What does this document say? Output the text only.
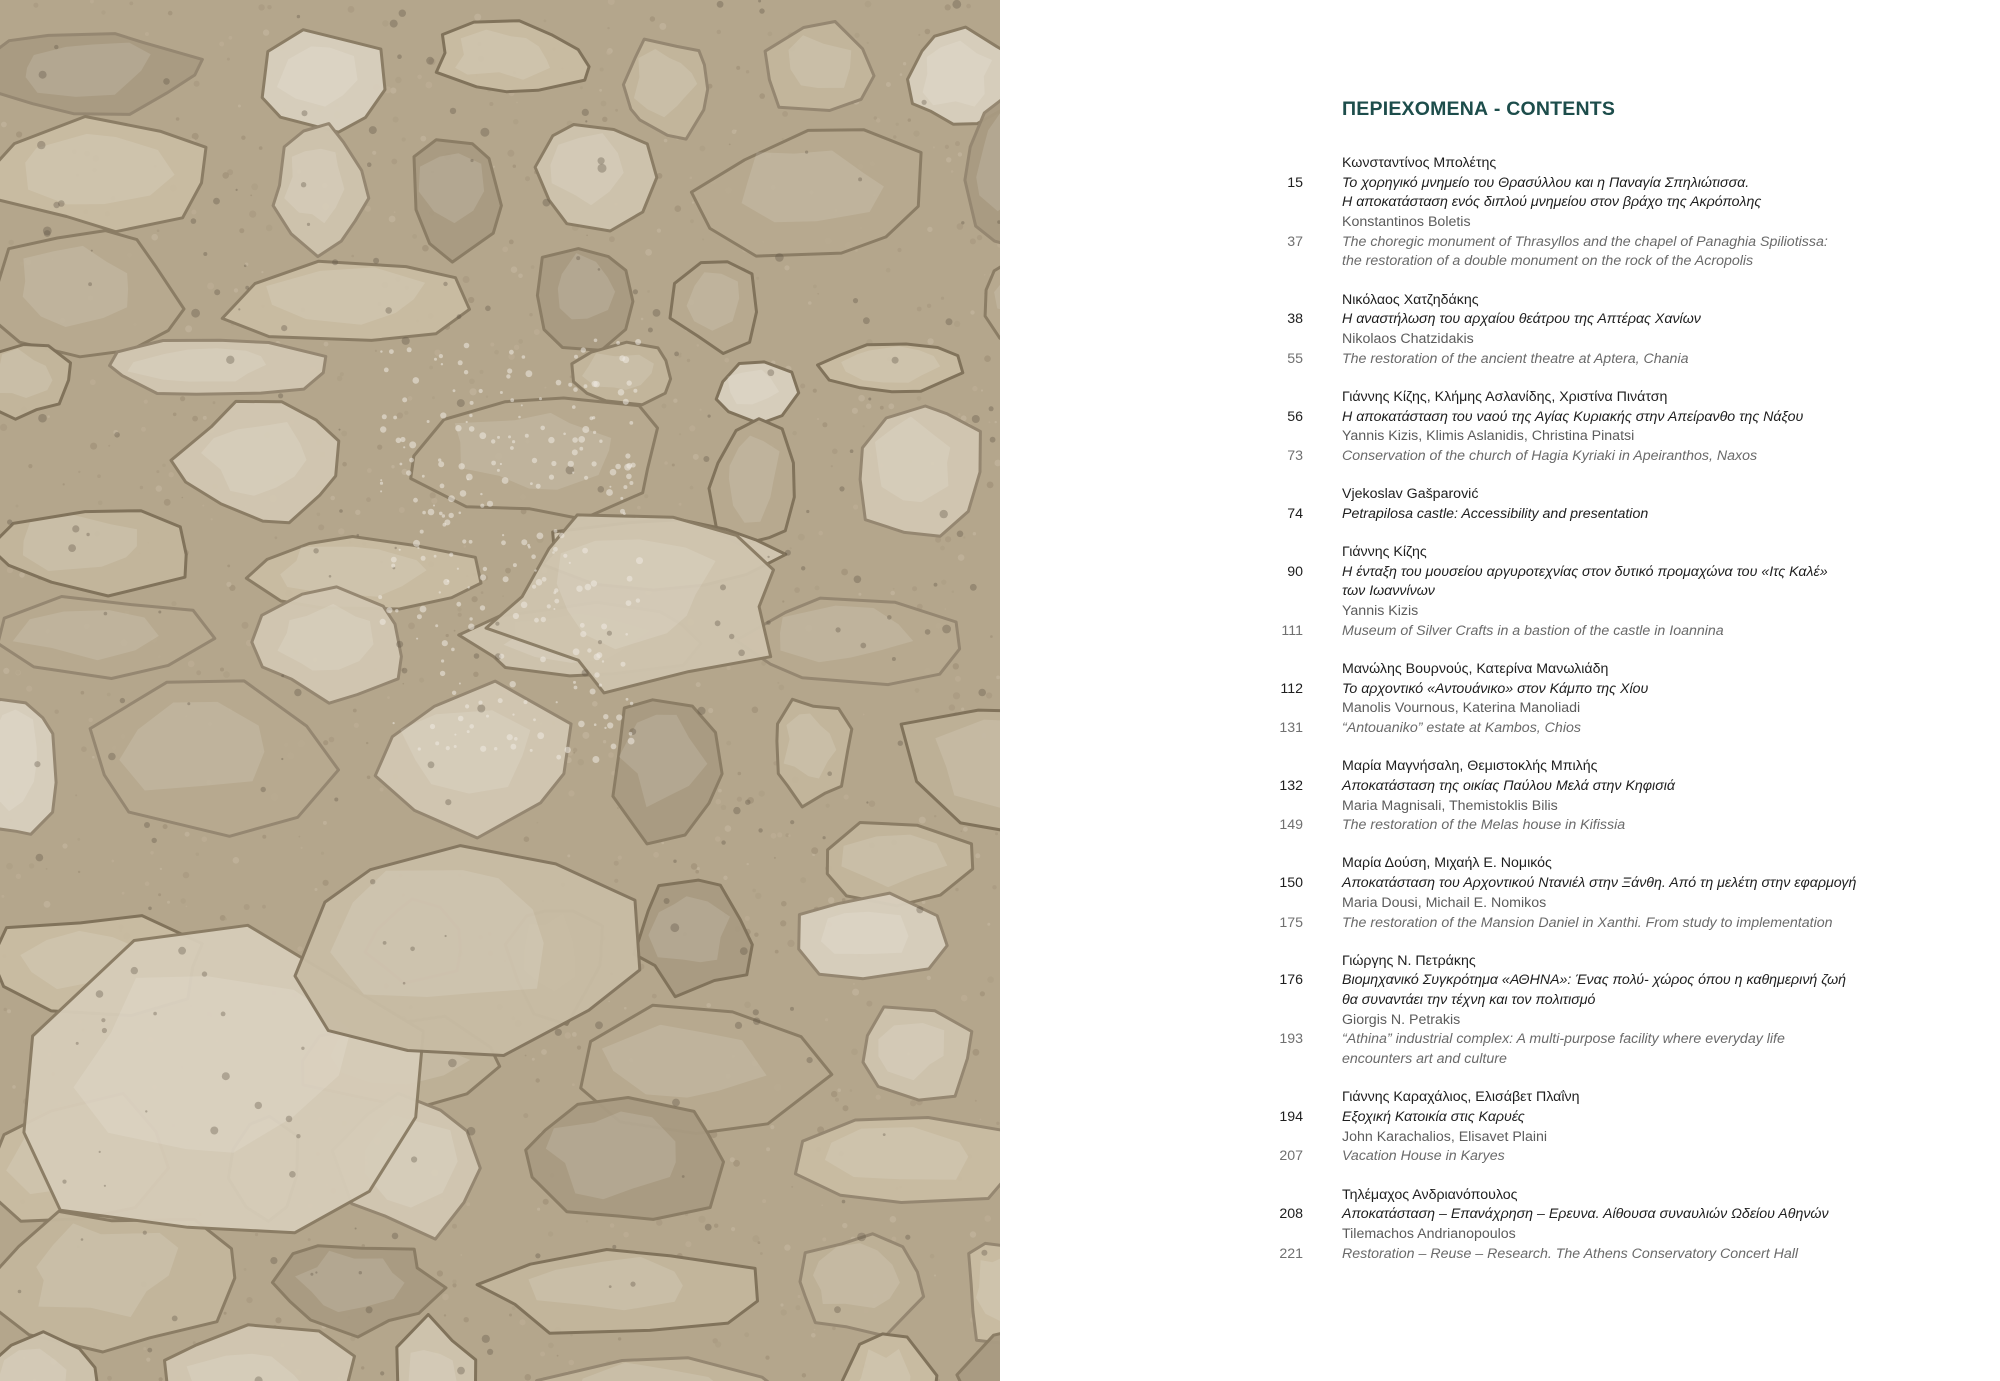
ΠΕΡΙΕΧΟΜΕΝΑ - CONTENTS
Κωνσταντίνος Μπολέτης
Το χορηγικό μνημείο του Θρασύλλου και η Παναγία Σπηλιώτισσα.
15
Η αποκατάσταση ενός διπλού μνημείου στον βράχο της Ακρόπολης
Konstantinos Boletis
The choregic monument of Thrasyllos and the chapel of Panaghia Spiliotissa:
37
the restoration of a double monument on the rock of the Acropolis
Νικόλαος Χατζηδάκης
Η αναστήλωση του αρχαίου θεάτρου της Απτέρας Χανίων
38
Nikolaos Chatzidakis
The restoration of the ancient theatre at Aptera, Chania
55
Γιάννης Κίζης, Κλήμης Ασλανίδης, Χριστίνα Πινάτση
Η αποκατάσταση του ναού της Αγίας Κυριακής στην Απείρανθο της Νάξου
56
Yannis Kizis, Klimis Aslanidis, Christina Pinatsi
Conservation of the church of Hagia Kyriaki in Apeiranthos, Naxos
73
Vjekoslav Gašparović
Petrapilosa castle: Accessibility and presentation
74
Γιάννης Κίζης
Η ένταξη του μουσείου αργυροτεχνίας στον δυτικό προμαχώνα του «Ιτς Καλέ»
90
των Ιωαννίνων
Yannis Kizis
Museum of Silver Crafts in a bastion of the castle in Ioannina
111
Μανώλης Βουρνούς, Κατερίνα Μανωλιάδη
Το αρχοντικό «Αντουάνικο» στον Κάμπο της Χίου
112
Manolis Vournous, Katerina Manoliadi
“Antouaniko” estate at Kambos, Chios
131
Μαρία Μαγνήσαλη, Θεμιστοκλής Μπιλής
Αποκατάσταση της οικίας Παύλου Μελά στην Κηφισιά
132
Maria Magnisali, Themistoklis Bilis
The restoration of the Melas house in Kifissia
149
Μαρία Δούση, Μιχαήλ Ε. Νομικός
Αποκατάσταση του Αρχοντικού Ντανιέλ στην Ξάνθη. Από τη μελέτη στην εφαρμογή
150
Maria Dousi, Michail E. Nomikos
The restoration of the Mansion Daniel in Xanthi. From study to implementation
175
Γιώργης Ν. Πετράκης
Βιομηχανικό Συγκρότημα «ΑΘΗΝΑ»: Ένας πολύ- χώρος όπου η καθημερινή ζωή
176
θα συναντάει την τέχνη και τον πολιτισμό
Giorgis N. Petrakis
“Athina” industrial complex: A multi-purpose facility where everyday life
193
encounters art and culture
Γιάννης Καραχάλιος, Ελισάβετ Πλαΐνη
Εξοχική Κατοικία στις Καρυές
194
John Karachalios, Elisavet Plaini
Vacation House in Karyes
207
Τηλέμαχος Ανδριανόπουλος
Αποκατάσταση – Επανάχρηση – Ερευνα. Αίθουσα συναυλιών Ωδείου Αθηνών
208
Tilemachos Andrianopoulos
Restoration – Reuse – Research. The Athens Conservatory Concert Hall
221
